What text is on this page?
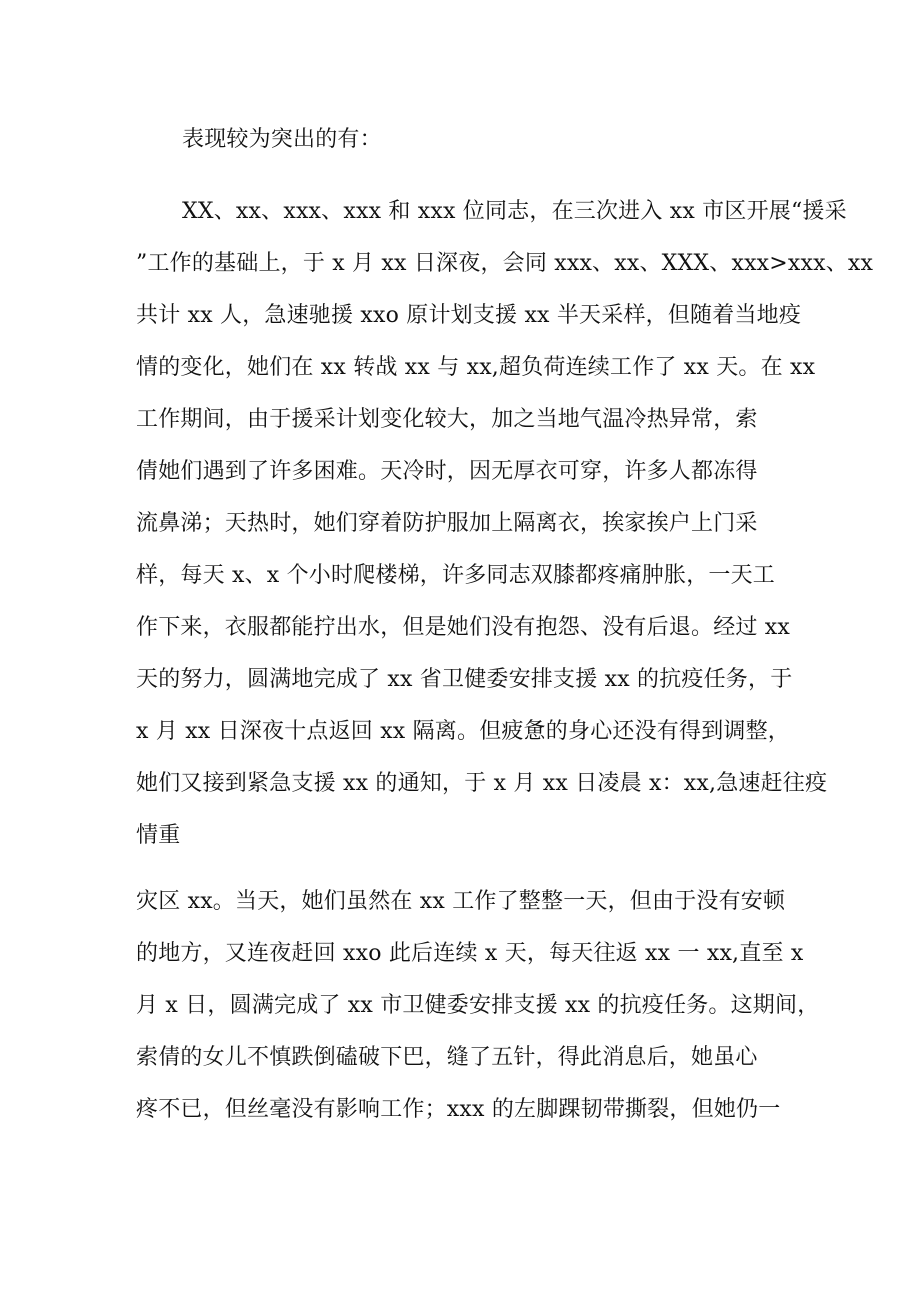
表现较为突出的有：
XX、xx、xxx、xxx 和 xxx 位同志，在三次进入 xx 市区开展“援采
”工作的基础上，于 x 月 xx 日深夜，会同 xxx、xx、XXX、xxx>xxx、xx
共计 xx 人，急速驰援 xxo 原计划支援 xx 半天采样，但随着当地疫
情的变化，她们在 xx 转战 xx 与 xx,超负荷连续工作了 xx 天。在 xx
工作期间，由于援采计划变化较大，加之当地气温冷热异常，索
倩她们遇到了许多困难。天冷时，因无厚衣可穿，许多人都冻得
流鼻涕；天热时，她们穿着防护服加上隔离衣，挨家挨户上门采
样，每天 x、x 个小时爬楼梯，许多同志双膝都疼痛肿胀，一天工
作下来，衣服都能拧出水，但是她们没有抱怨、没有后退。经过 xx
天的努力，圆满地完成了 xx 省卫健委安排支援 xx 的抗疫任务，于
x 月 xx 日深夜十点返回 xx 隔离。但疲惫的身心还没有得到调整，
她们又接到紧急支援 xx 的通知，于 x 月 xx 日凌晨 x：xx,急速赶往疫
情重
灾区 xx。当天，她们虽然在 xx 工作了整整一天，但由于没有安顿
的地方，又连夜赶回 xxo 此后连续 x 天，每天往返 xx 一 xx,直至 x
月 x 日，圆满完成了 xx 市卫健委安排支援 xx 的抗疫任务。这期间，
索倩的女儿不慎跌倒磕破下巴，缝了五针，得此消息后，她虽心
疼不已，但丝毫没有影响工作；xxx 的左脚踝韧带撕裂，但她仍一
